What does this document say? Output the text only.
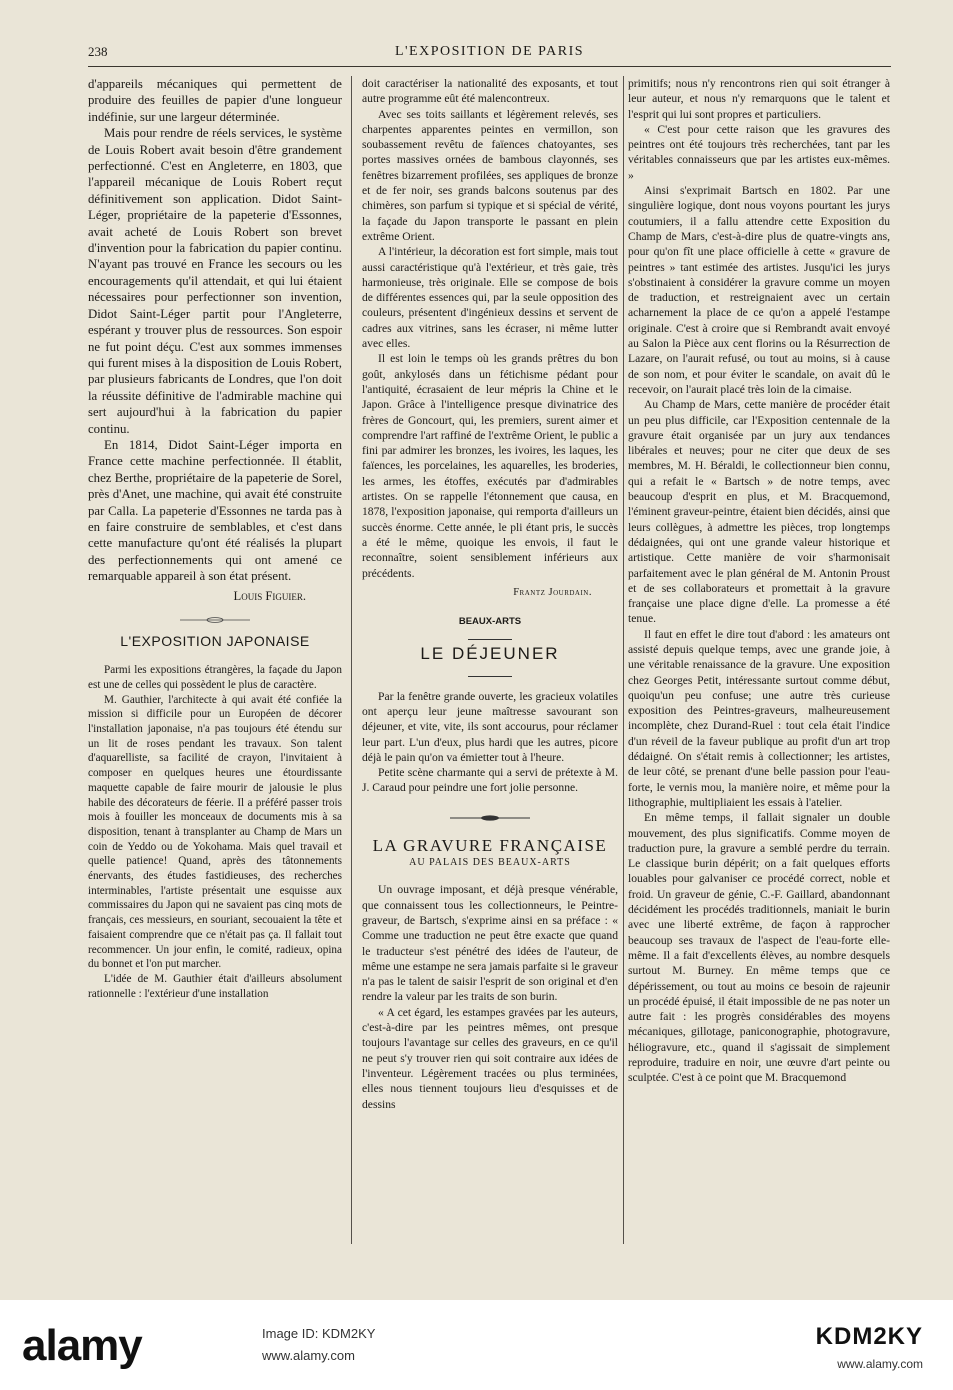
238	L'EXPOSITION DE PARIS

d'appareils mécaniques qui permettent de produire des feuilles de papier d'une longueur indéfinie, sur une largeur déterminée.

Mais pour rendre de réels services, le système de Louis Robert avait besoin d'être grandement perfectionné. C'est en Angleterre, en 1803, que l'appareil mécanique de Louis Robert reçut définitivement son application. Didot Saint-Léger, propriétaire de la papeterie d'Essonnes, avait acheté de Louis Robert son brevet d'invention pour la fabrication du papier continu. N'ayant pas trouvé en France les secours ou les encouragements qu'il attendait, et qui lui étaient nécessaires pour perfectionner son invention, Didot Saint-Léger partit pour l'Angleterre, espérant y trouver plus de ressources. Son espoir ne fut point déçu. C'est aux sommes immenses qui furent mises à la disposition de Louis Robert, par plusieurs fabricants de Londres, que l'on doit la réussite définitive de l'admirable machine qui sert aujourd'hui à la fabrication du papier continu.

En 1814, Didot Saint-Léger importa en France cette machine perfectionnée. Il établit, chez Berthe, propriétaire de la papeterie de Sorel, près d'Anet, une machine, qui avait été construite par Calla. La papeterie d'Essonnes ne tarda pas à en faire construire de semblables, et c'est dans cette manufacture qu'ont été réalisés la plupart des perfectionnements qui ont amené ce remarquable appareil à son état présent.

Louis Figuier.
L'EXPOSITION JAPONAISE

Parmi les expositions étrangères, la façade du Japon est une de celles qui possèdent le plus de caractère.

M. Gauthier, l'architecte à qui avait été confiée la mission si difficile pour un Européen de décorer l'installation japonaise, n'a pas toujours été étendu sur un lit de roses pendant les travaux. Son talent d'aquarelliste, sa facilité de crayon, l'invitaient à composer en quelques heures une étourdissante maquette capable de faire mourir de jalousie le plus habile des décorateurs de féerie. Il a préféré passer trois mois à fouiller les monceaux de documents mis à sa disposition, tenant à transplanter au Champ de Mars un coin de Yeddo ou de Yokohama. Mais quel travail et quelle patience! Quand, après des tâtonnements énervants, des études fastidieuses, des recherches interminables, l'artiste présentait une esquisse aux commissaires du Japon qui ne savaient pas cinq mots de français, ces messieurs, en souriant, secouaient la tête et faisaient comprendre que ce n'était pas ça. Il fallait tout recommencer. Un jour enfin, le comité, radieux, opina du bonnet et l'on put marcher.

L'idée de M. Gauthier était d'ailleurs absolument rationnelle : l'extérieur d'une installation

doit caractériser la nationalité des exposants, et tout autre programme eût été malencontreux.

Avec ses toits saillants et légèrement relevés, ses charpentes apparentes peintes en vermillon, son soubassement revêtu de faïences chatoyantes, ses portes massives ornées de bambous clayonnés, ses fenêtres bizarrement profilées, ses appliques de bronze et de fer noir, ses grands balcons soutenus par des chimères, son parfum si typique et si spécial de vérité, la façade du Japon transporte le passant en plein extrême Orient.

A l'intérieur, la décoration est fort simple, mais tout aussi caractéristique qu'à l'extérieur, et très gaie, très harmonieuse, très originale. Elle se compose de bois de différentes essences qui, par la seule opposition des couleurs, présentent d'ingénieux dessins et servent de cadres aux vitrines, sans les écraser, ni même lutter avec elles.

Il est loin le temps où les grands prêtres du bon goût, ankylosés dans un fétichisme pédant pour l'antiquité, écrasaient de leur mépris la Chine et le Japon. Grâce à l'intelligence presque divinatrice des frères de Goncourt, qui, les premiers, surent aimer et comprendre l'art raffiné de l'extrême Orient, le public a fini par admirer les bronzes, les ivoires, les laques, les faïences, les porcelaines, les aquarelles, les broderies, les armes, les étoffes, exécutés par d'admirables artistes. On se rappelle l'étonnement que causa, en 1878, l'exposition japonaise, qui remporta d'ailleurs un succès énorme. Cette année, le pli étant pris, le succès a été le même, quoique les envois, il faut le reconnaître, soient sensiblement inférieurs aux précédents.

Frantz Jourdain.
BEAUX-ARTS
LE DÉJEUNER

Par la fenêtre grande ouverte, les gracieux volatiles ont aperçu leur jeune maîtresse savourant son déjeuner, et vite, vite, ils sont accourus, pour réclamer leur part. L'un d'eux, plus hardi que les autres, picore déjà le pain qu'on va émietter tout à l'heure.

Petite scène charmante qui a servi de prétexte à M. J. Caraud pour peindre une fort jolie personne.

LA GRAVURE FRANÇAISE
AU PALAIS DES BEAUX-ARTS

Un ouvrage imposant, et déjà presque vénérable, que connaissent tous les collectionneurs, le Peintre-graveur, de Bartsch, s'exprime ainsi en sa préface : « Comme une traduction ne peut être exacte que quand le traducteur s'est pénétré des idées de l'auteur, de même une estampe ne sera jamais parfaite si le graveur n'a pas le talent de saisir l'esprit de son original et d'en rendre la valeur par les traits de son burin.

« A cet égard, les estampes gravées par les auteurs, c'est-à-dire par les peintres mêmes, ont presque toujours l'avantage sur celles des graveurs, en ce qu'il ne peut s'y trouver rien qui soit contraire aux idées de l'inventeur. Légèrement tracées ou plus terminées, elles nous tiennent toujours lieu d'esquisses et de dessins

primitifs; nous n'y rencontrons rien qui soit étranger à leur auteur, et nous n'y remarquons que le talent et l'esprit qui lui sont propres et particuliers.

« C'est pour cette raison que les gravures des peintres ont été toujours très recherchées, tant par les véritables connaisseurs que par les artistes eux-mêmes. »

Ainsi s'exprimait Bartsch en 1802. Par une singulière logique, dont nous voyons pourtant les jurys coutumiers, il a fallu attendre cette Exposition du Champ de Mars, c'est-à-dire plus de quatre-vingts ans, pour qu'on fît une place officielle à cette « gravure de peintres » tant estimée des artistes. Jusqu'ici les jurys s'obstinaient à considérer la gravure comme un moyen de traduction, et restreignaient avec un certain acharnement la place de ce qu'on a appelé l'estampe originale. C'est à croire que si Rembrandt avait envoyé au Salon la Pièce aux cent florins ou la Résurrection de Lazare, on l'aurait refusé, ou tout au moins, si à cause de son nom, et pour éviter le scandale, on avait dû le recevoir, on l'aurait placé très loin de la cimaise.

Au Champ de Mars, cette manière de procéder était un peu plus difficile, car l'Exposition centennale de la gravure était organisée par un jury aux tendances libérales et neuves; pour ne citer que deux de ses membres, M. H. Béraldi, le collectionneur bien connu, qui a refait le « Bartsch » de notre temps, avec beaucoup d'esprit en plus, et M. Bracquemond, l'éminent graveur-peintre, étaient bien décidés, ainsi que leurs collègues, à admettre les pièces, trop longtemps dédaignées, qui ont une grande valeur historique et artistique. Cette manière de voir s'harmonisait parfaitement avec le plan général de M. Antonin Proust et de ses collaborateurs et promettait à la gravure française une place digne d'elle. La promesse a été tenue.

Il faut en effet le dire tout d'abord : les amateurs ont assisté depuis quelque temps, avec une grande joie, à une véritable renaissance de la gravure. Une exposition chez Georges Petit, intéressante surtout comme début, quoiqu'un peu confuse; une autre très curieuse exposition des Peintres-graveurs, malheureusement incomplète, chez Durand-Ruel : tout cela était l'indice d'un réveil de la faveur publique au profit d'un art trop dédaigné. On s'était remis à collectionner; les artistes, de leur côté, se prenant d'une belle passion pour l'eau-forte, le vernis mou, la manière noire, et même pour la lithographie, multipliaient les essais à l'atelier.

En même temps, il fallait signaler un double mouvement, des plus significatifs. Comme moyen de traduction pure, la gravure a semblé perdre du terrain. Le classique burin dépérit; on a fait quelques efforts louables pour galvaniser ce procédé correct, noble et froid. Un graveur de génie, C.-F. Gaillard, abandonnant décidément les procédés traditionnels, maniait le burin avec une liberté extrême, de façon à rapprocher beaucoup ses travaux de l'aspect de l'eau-forte elle-même. Il a fait d'excellents élèves, au nombre desquels surtout M. Burney. En même temps que ce dépérissement, ou tout au moins ce besoin de rajeunir un procédé épuisé, il était impossible de ne pas noter un autre fait : les progrès considérables des moyens mécaniques, gillotage, paniconographie, photogravure, héliogravure, etc., quand il s'agissait de simplement reproduire, traduire en noir, une œuvre d'art peinte ou sculptée. C'est à ce point que M. Bracquemond

alamy	Image ID: KDM2KY
www.alamy.com
KDM2KY
www.alamy.com
